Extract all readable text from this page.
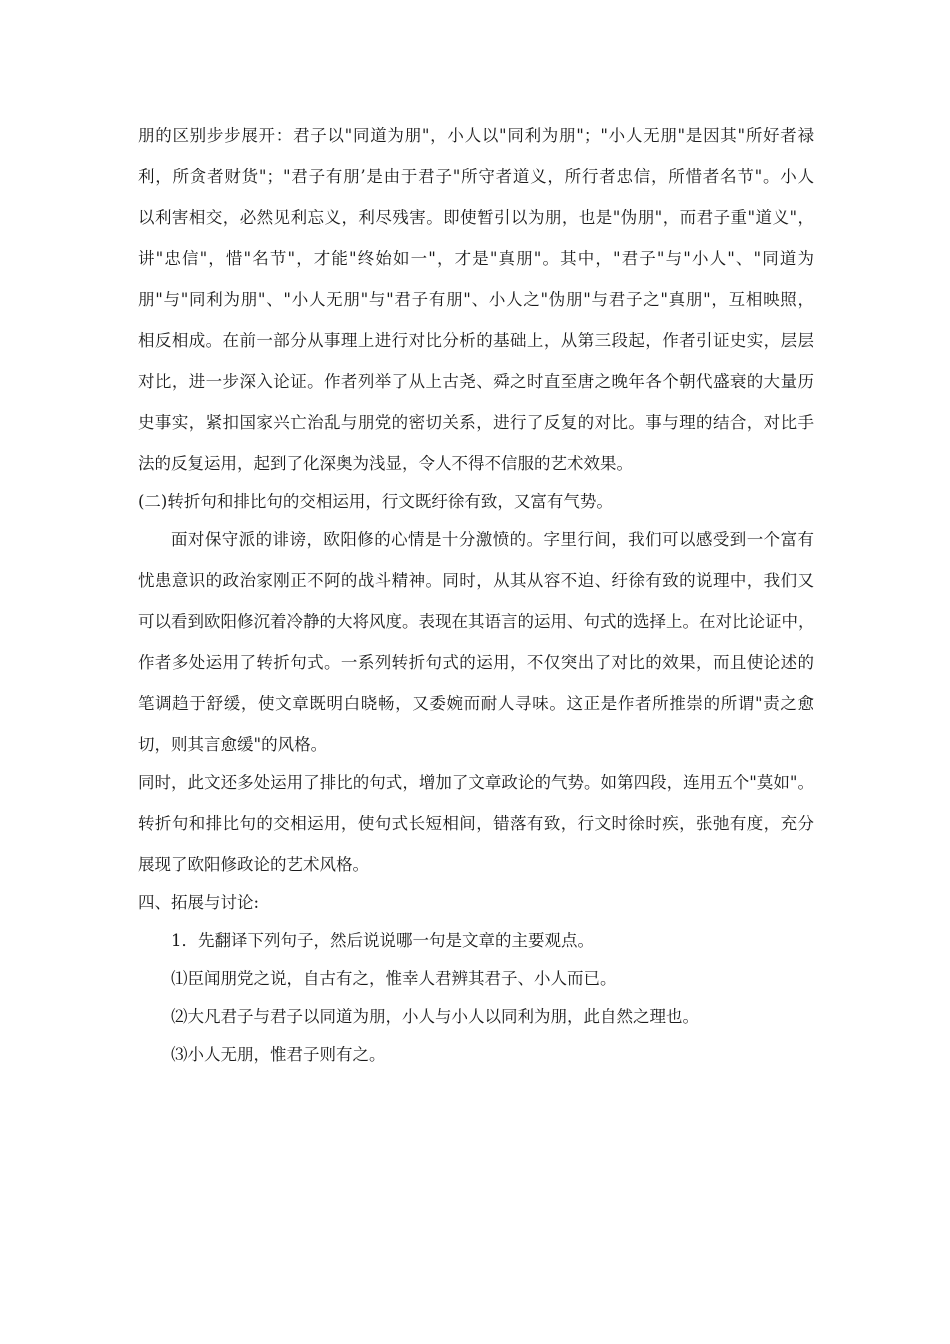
朋的区别步步展开：君子以"同道为朋"，小人以"同利为朋"；"小人无朋"是因其"所好者禄
利，所贪者财货"；"君子有朋’是由于君子"所守者道义，所行者忠信，所惜者名节"。小人
以利害相交，必然见利忘义，利尽残害。即使暂引以为朋，也是"伪朋"，而君子重"道义"，
讲"忠信"，惜"名节"，才能"终始如一"，才是"真朋"。其中，"君子"与"小人"、"同道为
朋"与"同利为朋"、"小人无朋"与"君子有朋"、小人之"伪朋"与君子之"真朋"，互相映照，
相反相成。在前一部分从事理上进行对比分析的基础上，从第三段起，作者引证史实，层层
对比，进一步深入论证。作者列举了从上古尧、舜之时直至唐之晚年各个朝代盛衰的大量历
史事实，紧扣国家兴亡治乱与朋党的密切关系，进行了反复的对比。事与理的结合，对比手
法的反复运用，起到了化深奥为浅显，令人不得不信服的艺术效果。
(二)转折句和排比句的交相运用，行文既纡徐有致，又富有气势。
面对保守派的诽谤，欧阳修的心情是十分激愤的。字里行间，我们可以感受到一个富有
忧患意识的政治家刚正不阿的战斗精神。同时，从其从容不迫、纡徐有致的说理中，我们又
可以看到欧阳修沉着冷静的大将风度。表现在其语言的运用、句式的选择上。在对比论证中，
作者多处运用了转折句式。一系列转折句式的运用，不仅突出了对比的效果，而且使论述的
笔调趋于舒缓，使文章既明白晓畅，又委婉而耐人寻味。这正是作者所推崇的所谓"责之愈
切，则其言愈缓"的风格。
同时，此文还多处运用了排比的句式，增加了文章政论的气势。如第四段，连用五个"莫如"。
转折句和排比句的交相运用，使句式长短相间，错落有致，行文时徐时疾，张弛有度，充分
展现了欧阳修政论的艺术风格。
四、拓展与讨论:
1．先翻译下列句子，然后说说哪一句是文章的主要观点。
⑴臣闻朋党之说，自古有之，惟幸人君辨其君子、小人而已。
⑵大凡君子与君子以同道为朋，小人与小人以同利为朋，此自然之理也。
⑶小人无朋，惟君子则有之。
